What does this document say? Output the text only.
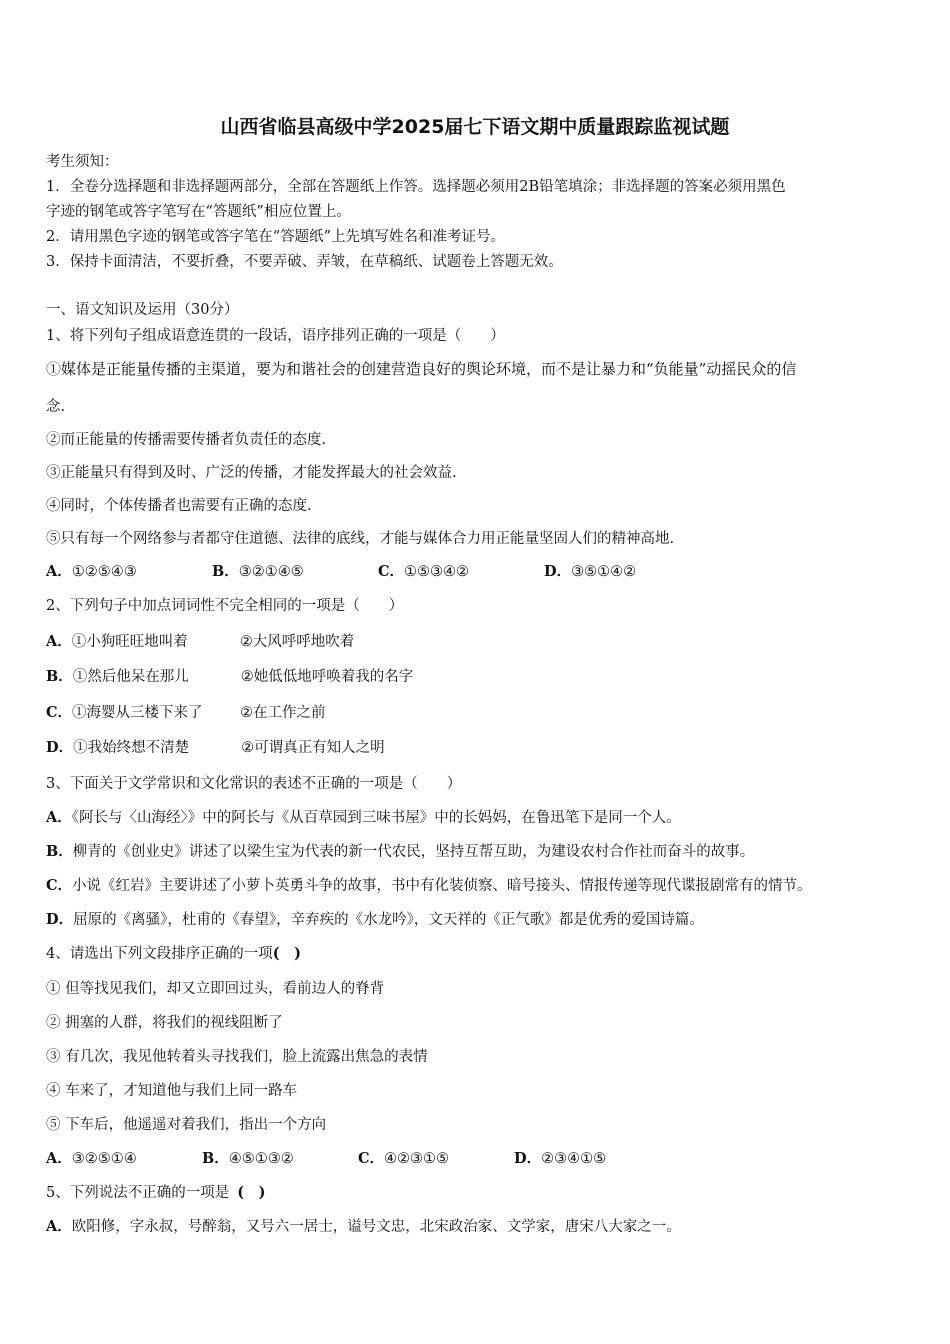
山西省临县高级中学2025届七下语文期中质量跟踪监视试题
考生须知：
1．全卷分选择题和非选择题两部分，全部在答题纸上作答。选择题必须用2B铅笔填涂；非选择题的答案必须用黑色
字迹的钢笔或答字笔写在“答题纸”相应位置上。
2．请用黑色字迹的钢笔或答字笔在“答题纸”上先填写姓名和准考证号。
3．保持卡面清洁，不要折叠，不要弄破、弄皱，在草稿纸、试题卷上答题无效。
一、语文知识及运用（30分）
1、将下列句子组成语意连贯的一段话，语序排列正确的一项是（　　）
①媒体是正能量传播的主渠道，要为和谐社会的创建营造良好的舆论环境，而不是让暴力和“负能量”动摇民众的信
念.
②而正能量的传播需要传播者负责任的态度.
③正能量只有得到及时、广泛的传播，才能发挥最大的社会效益.
④同时，个体传播者也需要有正确的态度.
⑤只有每一个网络参与者都守住道德、法律的底线，才能与媒体合力用正能量坚固人们的精神高地.
A．①②⑤④③	B．③②①④⑤	C．①⑤③④②	D．③⑤①④②
2、下列句子中加点词词性不完全相同的一项是（　　）
A．①小狗旺旺地叫着	②大风呼呼地吹着
B．①然后他呆在那儿	②她低低地呼唤着我的名字
C．①海婴从三楼下来了	②在工作之前
D．①我始终想不清楚	②可谓真正有知人之明
3、下面关于文学常识和文化常识的表述不正确的一项是（　　）
A．《阿长与〈山海经〉》中的阿长与《从百草园到三味书屋》中的长妈妈，在鲁迅笔下是同一个人。
B．柳青的《创业史》讲述了以梁生宝为代表的新一代农民，坚持互帮互助，为建设农村合作社而奋斗的故事。
C．小说《红岩》主要讲述了小萝卜英勇斗争的故事，书中有化装侦察、暗号接头、情报传递等现代谍报剧常有的情节。
D．屈原的《离骚》，杜甫的《春望》，辛弃疾的《水龙吟》，文天祥的《正气歌》都是优秀的爱国诗篇。
4、请选出下列文段排序正确的一项(　)
① 但等找见我们，却又立即回过头，看前边人的脊背
② 拥塞的人群，将我们的视线阻断了
③ 有几次，我见他转着头寻找我们，脸上流露出焦急的表情
④ 车来了，才知道他与我们上同一路车
⑤ 下车后，他遥遥对着我们，指出一个方向
A．③②⑤①④	B．④⑤①③②	C．④②③①⑤	D．②③④①⑤
5、下列说法不正确的一项是 (　)
A．欧阳修，字永叔，号醉翁，又号六一居士，谥号文忠，北宋政治家、文学家，唐宋八大家之一。
